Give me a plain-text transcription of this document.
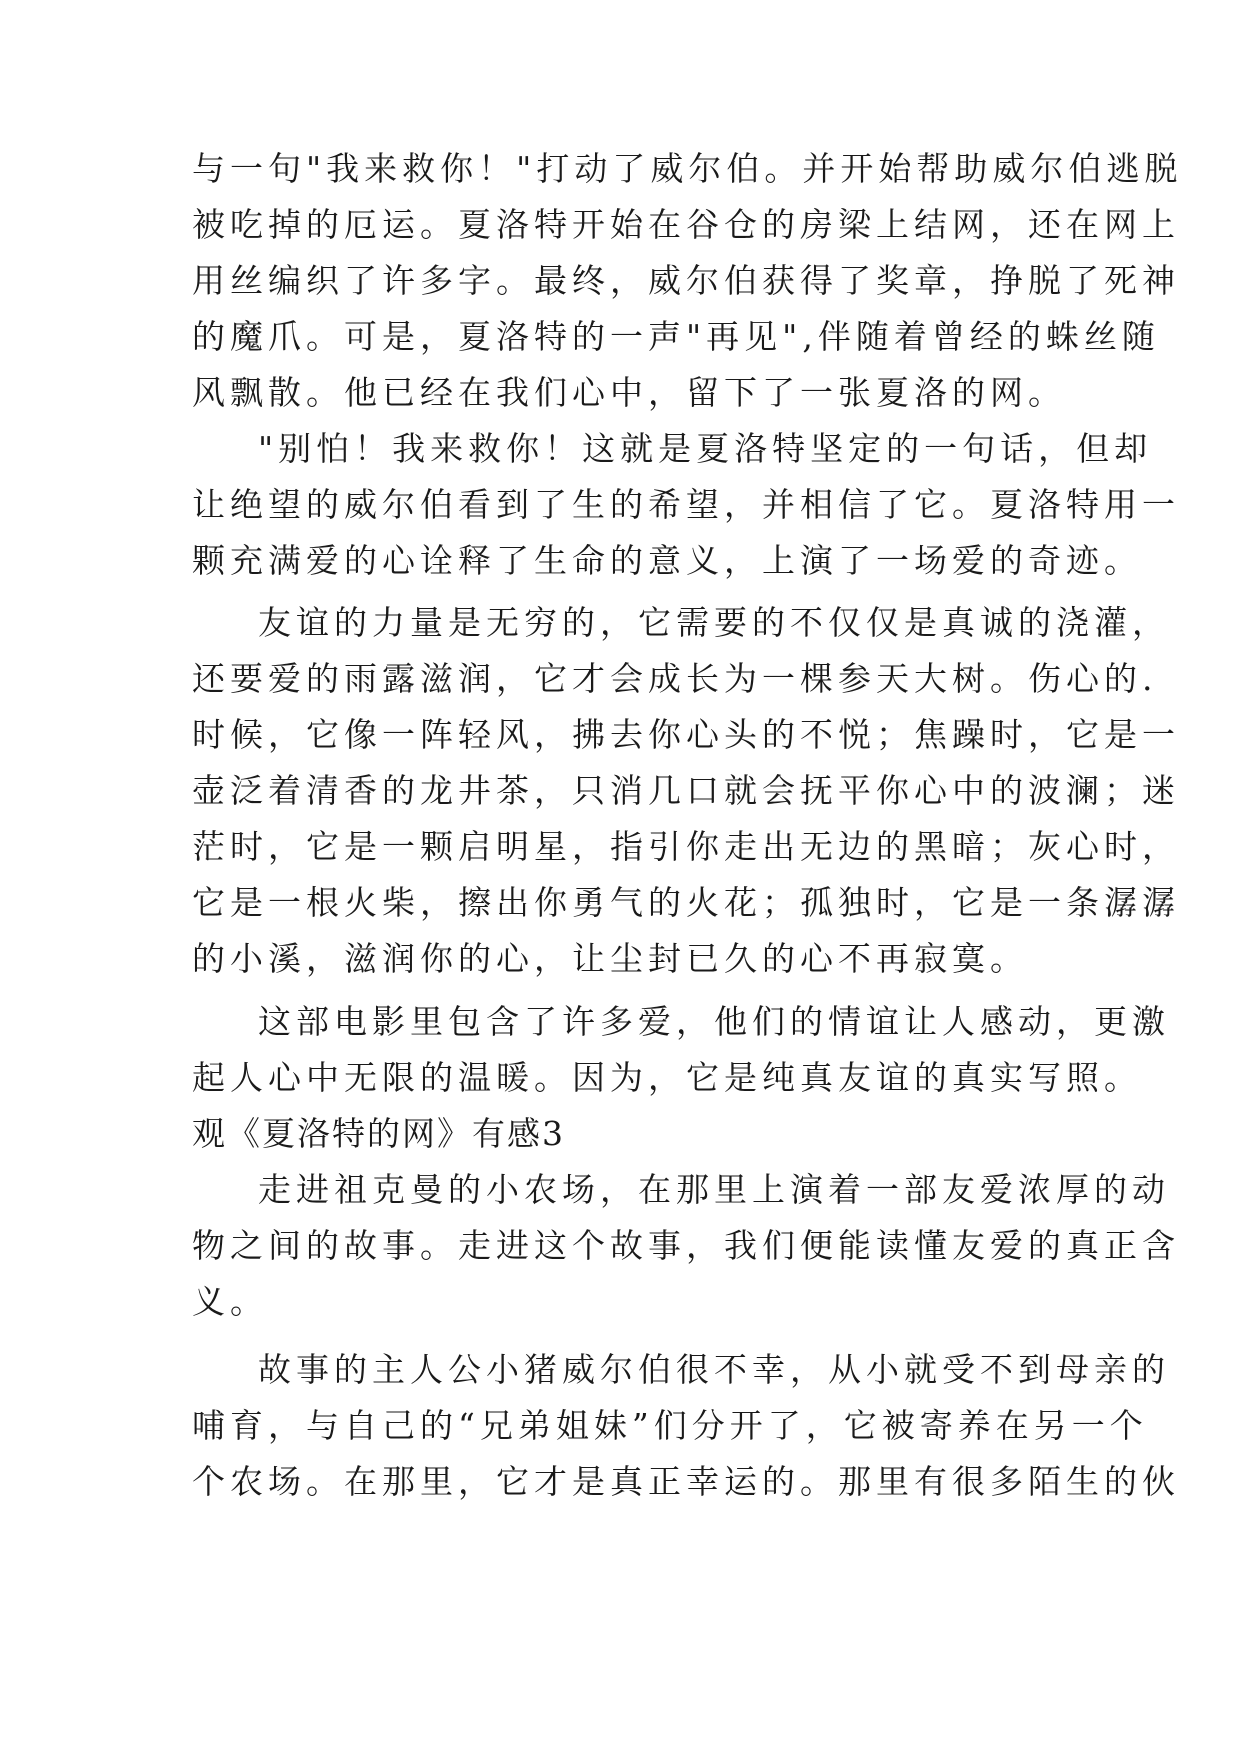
与一句"我来救你！"打动了威尔伯。并开始帮助威尔伯逃脱
被吃掉的厄运。夏洛特开始在谷仓的房梁上结网，还在网上
用丝编织了许多字。最终，威尔伯获得了奖章，挣脱了死神
的魔爪。可是，夏洛特的一声"再见",伴随着曾经的蛛丝随
风飘散。他已经在我们心中，留下了一张夏洛的网。
"别怕！我来救你！这就是夏洛特坚定的一句话，但却
让绝望的威尔伯看到了生的希望，并相信了它。夏洛特用一
颗充满爱的心诠释了生命的意义，上演了一场爱的奇迹。
友谊的力量是无穷的，它需要的不仅仅是真诚的浇灌，
还要爱的雨露滋润，它才会成长为一棵参天大树。伤心的.
时候，它像一阵轻风，拂去你心头的不悦；焦躁时，它是一
壶泛着清香的龙井茶，只消几口就会抚平你心中的波澜；迷
茫时，它是一颗启明星，指引你走出无边的黑暗；灰心时，
它是一根火柴，擦出你勇气的火花；孤独时，它是一条潺潺
的小溪，滋润你的心，让尘封已久的心不再寂寞。
这部电影里包含了许多爱，他们的情谊让人感动，更激
起人心中无限的温暖。因为，它是纯真友谊的真实写照。
观《夏洛特的网》有感3
走进祖克曼的小农场，在那里上演着一部友爱浓厚的动
物之间的故事。走进这个故事，我们便能读懂友爱的真正含
义。
故事的主人公小猪威尔伯很不幸，从小就受不到母亲的
哺育，与自己的“兄弟姐妹”们分开了，它被寄养在另一个
个农场。在那里，它才是真正幸运的。那里有很多陌生的伙
